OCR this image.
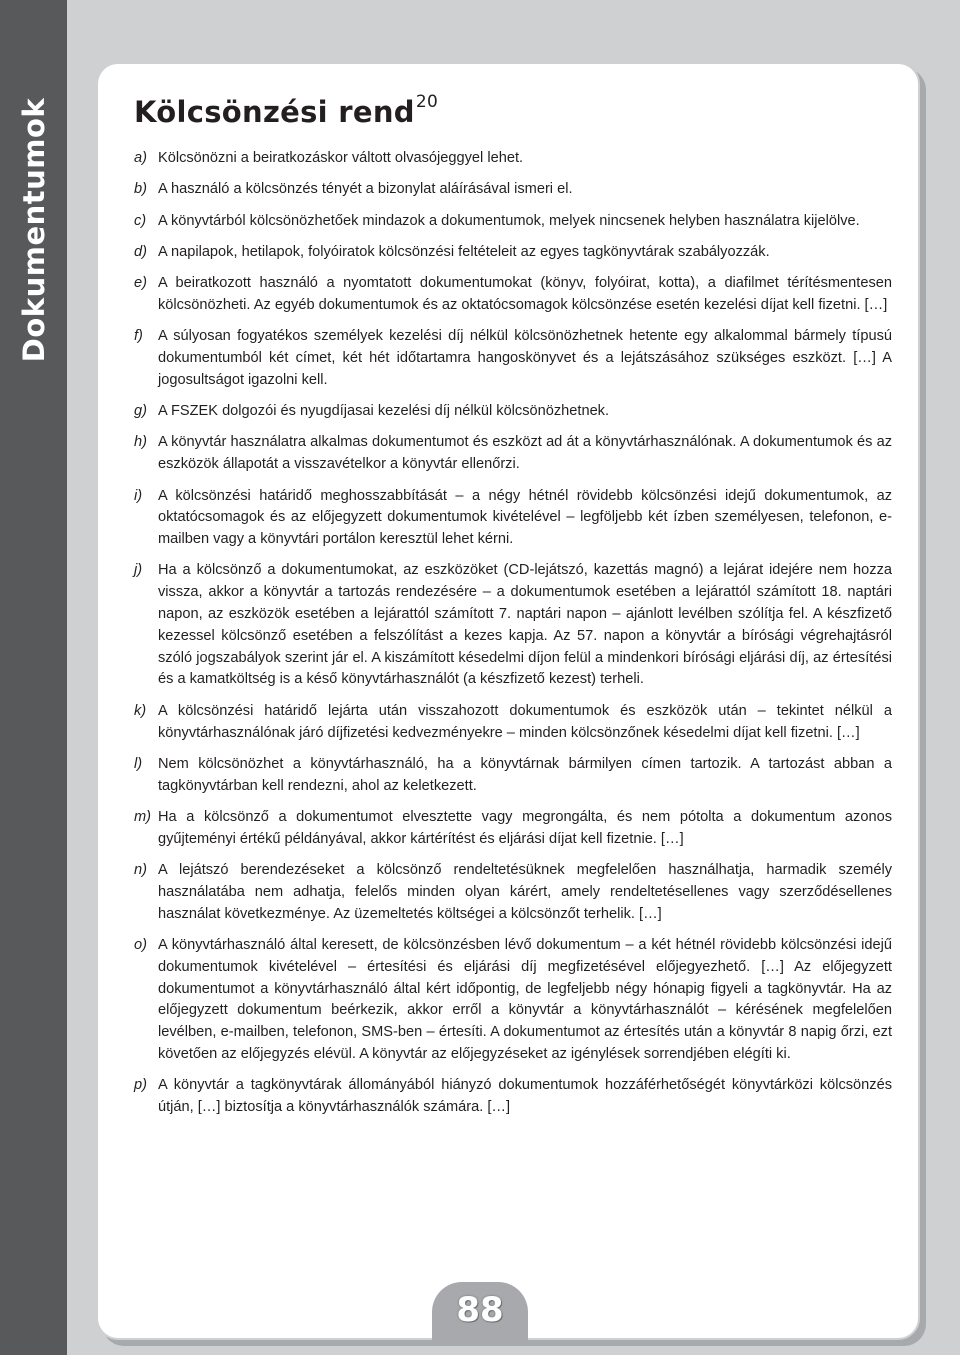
Dokumentumok	Kölcsönzési rend$^{20}$
a) Kölcsönözni a beiratkozáskor váltott olvasójeggyel lehet.
b) A használó a kölcsönzés tényét a bizonylat aláírásával ismeri el.
c) A könyvtárból kölcsönözhetőek mindazok a dokumentumok, melyek nincsenek helyben használatra kijelölve.
d) A napilapok, hetilapok, folyóiratok kölcsönzési feltételeit az egyes tagkönyvtárak szabályozzák.
e) A beiratkozott használó a nyomtatott dokumentumokat (könyv, folyóirat, kotta), a diafilmet térítésmentesen kölcsönözheti. Az egyéb dokumentumok és az oktatócsomagok kölcsönzése esetén kezelési díjat kell fizetni. […]
f) A súlyosan fogyatékos személyek kezelési díj nélkül kölcsönözhetnek hetente egy alkalommal bármely típusú dokumentumból két címet, két hét időtartamra hangoskönyvet és a lejátszásához szükséges eszközt. […] A jogosultságot igazolni kell.
g) A FSZEK dolgozói és nyugdíjasai kezelési díj nélkül kölcsönözhetnek.
h) A könyvtár használatra alkalmas dokumentumot és eszközt ad át a könyvtárhasználónak. A dokumentumok és az eszközök állapotát a visszavételkor a könyvtár ellenőrzi.
i) A kölcsönzési határidő meghosszabbítását – a négy hétnél rövidebb kölcsönzési idejű dokumentumok, az oktatócsomagok és az előjegyzett dokumentumok kivételével – legföljebb két ízben személyesen, telefonon, e-mailben vagy a könyvtári portálon keresztül lehet kérni.
j) Ha a kölcsönző a dokumentumokat, az eszközöket (CD-lejátszó, kazettás magnó) a lejárat idejére nem hozza vissza, akkor a könyvtár a tartozás rendezésére – a dokumentumok esetében a lejárattól számított 18. naptári napon, az eszközök esetében a lejárattól számított 7. naptári napon – ajánlott levélben szólítja fel. A készfizető kezessel kölcsönző esetében a felszólítást a kezes kapja. Az 57. napon a könyvtár a bírósági végrehajtásról szóló jogszabályok szerint jár el. A kiszámított késedelmi díjon felül a mindenkori bírósági eljárási díj, az értesítési és a kamatköltség is a késő könyvtárhasználót (a készfizető kezest) terheli.
k) A kölcsönzési határidő lejárta után visszahozott dokumentumok és eszközök után – tekintet nélkül a könyvtárhasználónak járó díjfizetési kedvezményekre – minden kölcsönzőnek késedelmi díjat kell fizetni. […]
l) Nem kölcsönözhet a könyvtárhasználó, ha a könyvtárnak bármilyen címen tartozik. A tartozást abban a tagkönyvtárban kell rendezni, ahol az keletkezett.
m) Ha a kölcsönző a dokumentumot elvesztette vagy megrongálta, és nem pótolta a dokumentum azonos gyűjteményi értékű példányával, akkor kártérítést és eljárási díjat kell fizetnie. […]
n) A lejátszó berendezéseket a kölcsönző rendeltetésüknek megfelelően használhatja, harmadik személy használatába nem adhatja, felelős minden olyan kárért, amely rendeltetésellenes vagy szerződésellenes használat következménye. Az üzemeltetés költségei a kölcsönzőt terhelik. […]
o) A könyvtárhasználó által keresett, de kölcsönzésben lévő dokumentum – a két hétnél rövidebb kölcsönzési idejű dokumentumok kivételével – értesítési és eljárási díj megfizetésével előjegyezhető. […] Az előjegyzett dokumentumot a könyvtárhasználó által kért időpontig, de legfeljebb négy hónapig figyeli a tagkönyvtár. Ha az előjegyzett dokumentum beérkezik, akkor erről a könyvtár a könyvtárhasználót – kérésének megfelelően levélben, e-mailben, telefonon, SMS-ben – értesíti. A dokumentumot az értesítés után a könyvtár 8 napig őrzi, ezt követően az előjegyzés elévül. A könyvtár az előjegyzéseket az igénylések sorrendjében elégíti ki.
p) A könyvtár a tagkönyvtárak állományából hiányzó dokumentumok hozzáférhetőségét könyvtárközi kölcsönzés útján, […] biztosítja a könyvtárhasználók számára. […]
88
